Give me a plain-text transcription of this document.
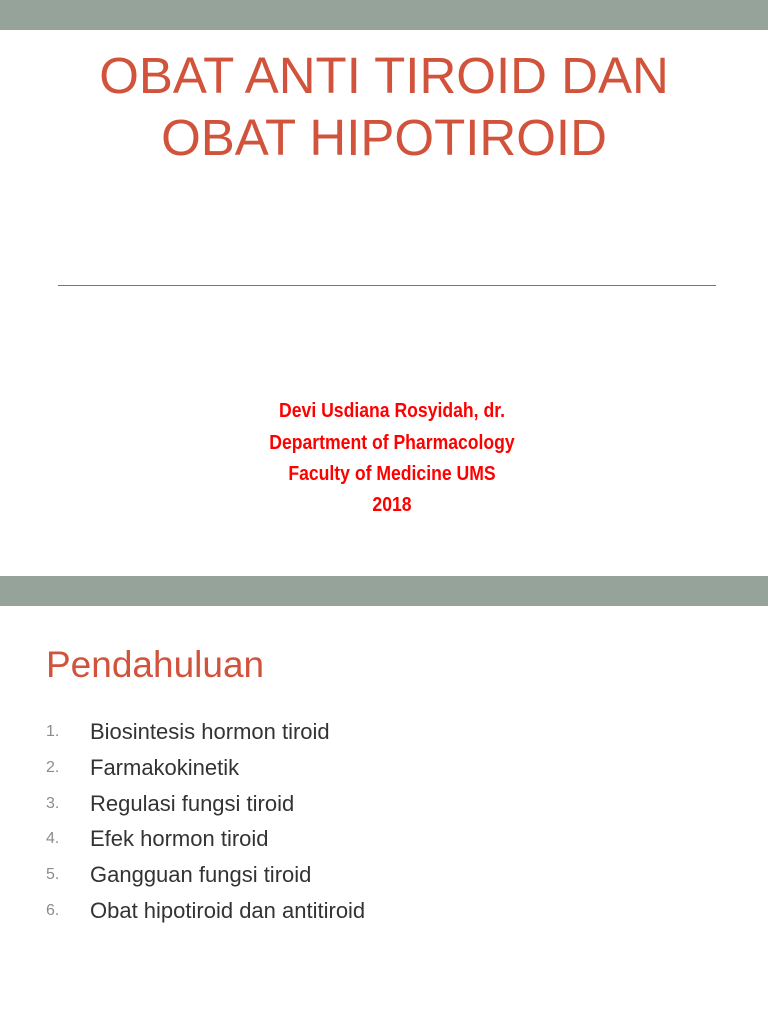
OBAT ANTI TIROID DAN
OBAT HIPOTIROID
Devi Usdiana Rosyidah, dr.
Department of Pharmacology
Faculty of Medicine UMS
2018
Pendahuluan
1. Biosintesis hormon tiroid
2. Farmakokinetik
3. Regulasi fungsi tiroid
4. Efek hormon tiroid
5. Gangguan fungsi tiroid
6. Obat hipotiroid dan antitiroid
